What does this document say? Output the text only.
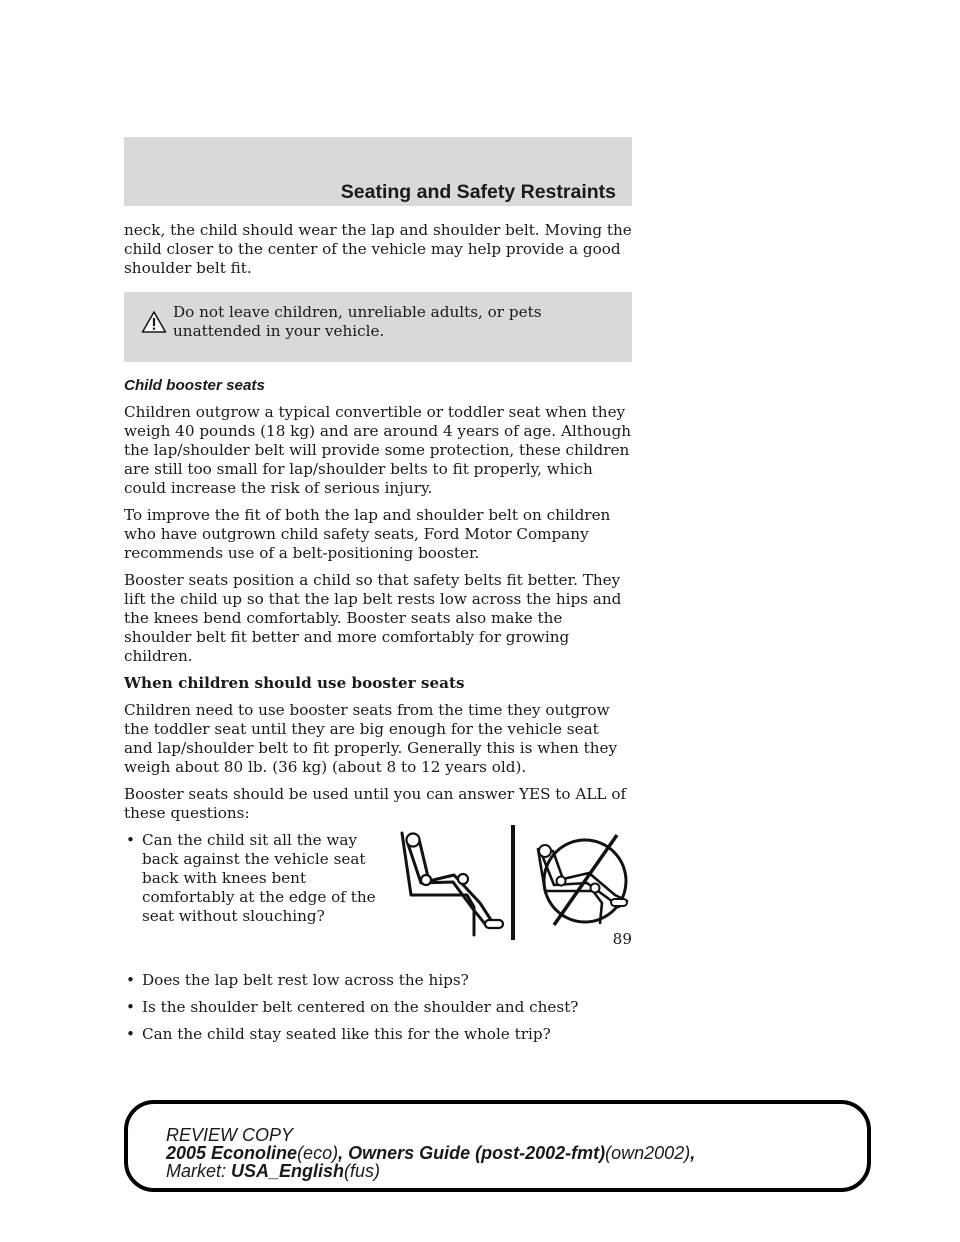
Seating and Safety Restraints

neck, the child should wear the lap and shoulder belt. Moving the child closer to the center of the vehicle may help provide a good shoulder belt fit.

Do not leave children, unreliable adults, or pets unattended in your vehicle.
Child booster seats

Children outgrow a typical convertible or toddler seat when they weigh 40 pounds (18 kg) and are around 4 years of age. Although the lap/shoulder belt will provide some protection, these children are still too small for lap/shoulder belts to fit properly, which could increase the risk of serious injury.

To improve the fit of both the lap and shoulder belt on children who have outgrown child safety seats, Ford Motor Company recommends use of a belt-positioning booster.

Booster seats position a child so that safety belts fit better. They lift the child up so that the lap belt rests low across the hips and the knees bend comfortably. Booster seats also make the shoulder belt fit better and more comfortably for growing children.

When children should use booster seats

Children need to use booster seats from the time they outgrow the toddler seat until they are big enough for the vehicle seat and lap/shoulder belt to fit properly. Generally this is when they weigh about 80 lb. (36 kg) (about 8 to 12 years old).

Booster seats should be used until you can answer YES to ALL of these questions:

• Can the child sit all the way back against the vehicle seat back with knees bent comfortably at the edge of the seat without slouching?
• Does the lap belt rest low across the hips?
• Is the shoulder belt centered on the shoulder and chest?
• Can the child stay seated like this for the whole trip?
89
REVIEW COPY
2005 Econoline(eco), Owners Guide (post-2002-fmt)(own2002),
Market: USA_English(fus)
